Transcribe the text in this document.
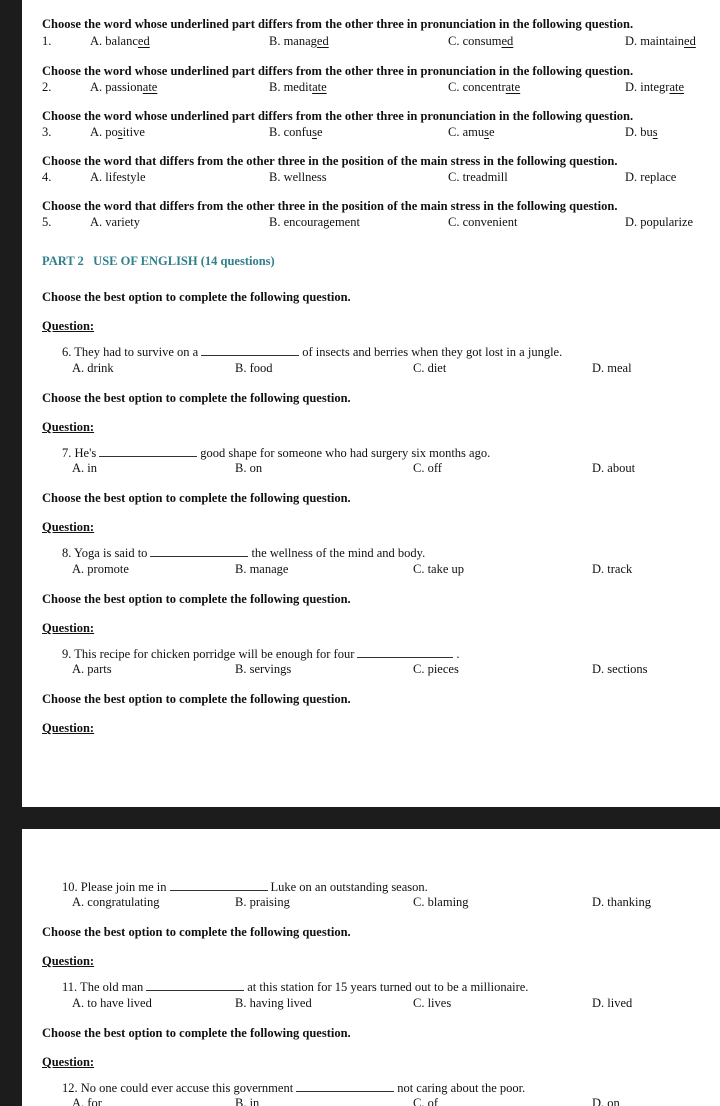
Choose the word whose underlined part differs from the other three in pronunciation in the following question.
1.	A. balanced	B. managed	C. consumed	D. maintained
Choose the word whose underlined part differs from the other three in pronunciation in the following question.
2.	A. passionate	B. meditate	C. concentrate	D. integrate
Choose the word whose underlined part differs from the other three in pronunciation in the following question.
3.	A. positive	B. confuse	C. amuse	D. bus
Choose the word that differs from the other three in the position of the main stress in the following question.
4.	A. lifestyle	B. wellness	C. treadmill	D. replace
Choose the word that differs from the other three in the position of the main stress in the following question.
5.	A. variety	B. encouragement	C. convenient	D. popularize
PART 2   USE OF ENGLISH (14 questions)
Choose the best option to complete the following question.
Question:
6. They had to survive on a	of insects and berries when they got lost in a jungle.
A. drink	B. food	C. diet	D. meal
Choose the best option to complete the following question.
Question:
7. He's	good shape for someone who had surgery six months ago.
A. in	B. on	C. off	D. about
Choose the best option to complete the following question.
Question:
8. Yoga is said to	the wellness of the mind and body.
A. promote	B. manage	C. take up	D. track
Choose the best option to complete the following question.
Question:
9. This recipe for chicken porridge will be enough for four	.
A. parts	B. servings	C. pieces	D. sections
Choose the best option to complete the following question.
Question:
10. Please join me in	Luke on an outstanding season.
A. congratulating	B. praising	C. blaming	D. thanking
Choose the best option to complete the following question.
Question:
11. The old man	at this station for 15 years turned out to be a millionaire.
A. to have lived	B. having lived	C. lives	D. lived
Choose the best option to complete the following question.
Question:
12. No one could ever accuse this government	not caring about the poor.
A. for	B. in	C. of	D. on
